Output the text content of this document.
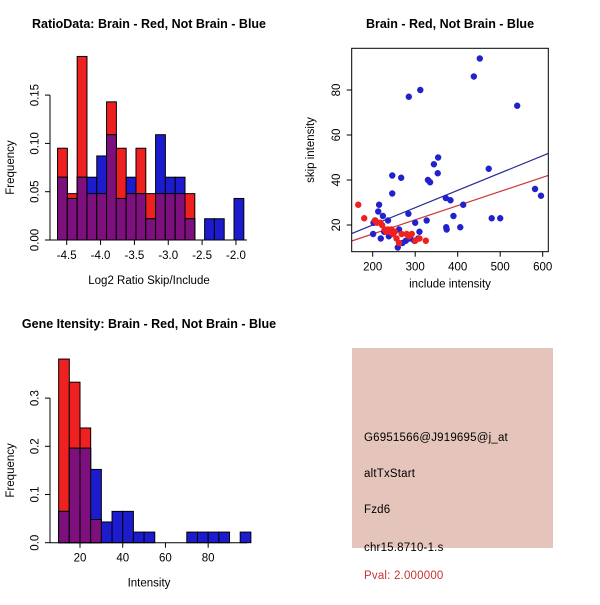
-4.5 -4.0 -3.5 -3.0 -2.5 -2.0
0.00
0.05
0.10
0.15
RatioData: Brain - Red, Not Brain - Blue
Log2 Ratio Skip/Include
Frequency
200 300 400 500 600
20
40
60
80
Brain - Red, Not Brain - Blue
include intensity
skip intensity
20	40	60	80
0.0
0.1
0.2
0.3
Gene Itensity: Brain - Red, Not Brain - Blue
Intensity
Frequency
G6951566@J919695@j_at
altTxStart
Fzd6
chr15.8710-1.s
Pval: 2.000000
